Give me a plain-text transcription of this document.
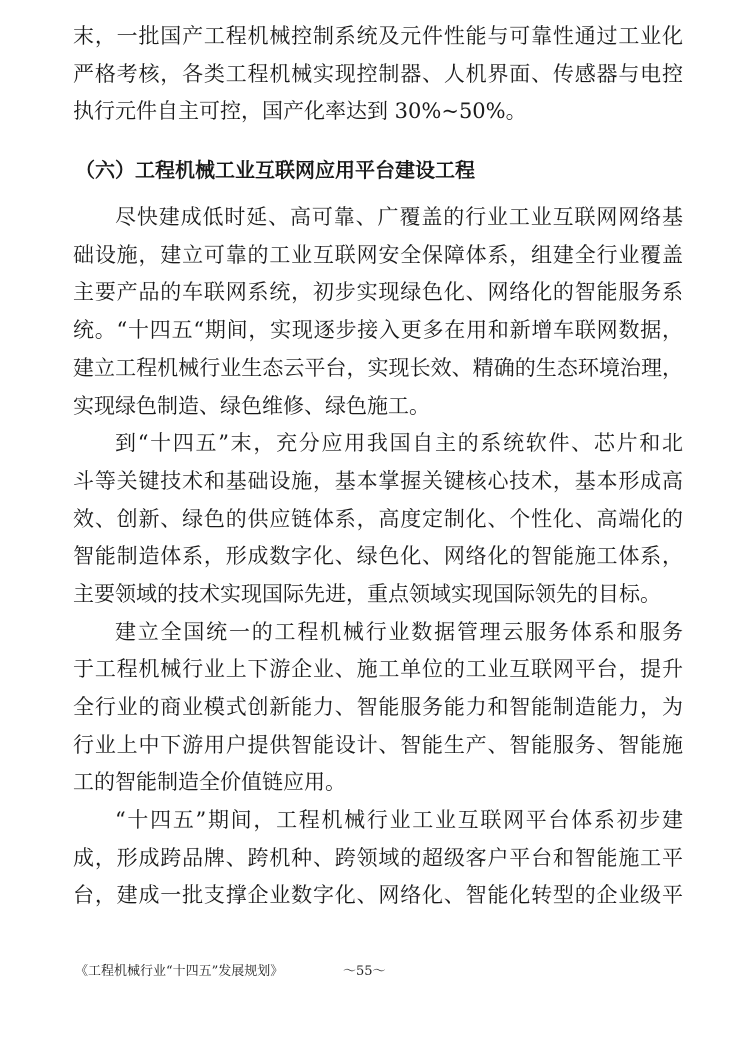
末，一批国产工程机械控制系统及元件性能与可靠性通过工业化
严格考核，各类工程机械实现控制器、人机界面、传感器与电控
执行元件自主可控，国产化率达到 30%~50%。
（六）工程机械工业互联网应用平台建设工程
尽快建成低时延、高可靠、广覆盖的行业工业互联网网络基
础设施，建立可靠的工业互联网安全保障体系，组建全行业覆盖
主要产品的车联网系统，初步实现绿色化、网络化的智能服务系
统。“十四五“期间，实现逐步接入更多在用和新增车联网数据，
建立工程机械行业生态云平台，实现长效、精确的生态环境治理，
实现绿色制造、绿色维修、绿色施工。
到“十四五”末，充分应用我国自主的系统软件、芯片和北
斗等关键技术和基础设施，基本掌握关键核心技术，基本形成高
效、创新、绿色的供应链体系，高度定制化、个性化、高端化的
智能制造体系，形成数字化、绿色化、网络化的智能施工体系，
主要领域的技术实现国际先进，重点领域实现国际领先的目标。
建立全国统一的工程机械行业数据管理云服务体系和服务
于工程机械行业上下游企业、施工单位的工业互联网平台，提升
全行业的商业模式创新能力、智能服务能力和智能制造能力，为
行业上中下游用户提供智能设计、智能生产、智能服务、智能施
工的智能制造全价值链应用。
“十四五”期间，工程机械行业工业互联网平台体系初步建
成，形成跨品牌、跨机种、跨领域的超级客户平台和智能施工平
台，建成一批支撑企业数字化、网络化、智能化转型的企业级平
《工程机械行业“十四五”发展规划》	～55～
